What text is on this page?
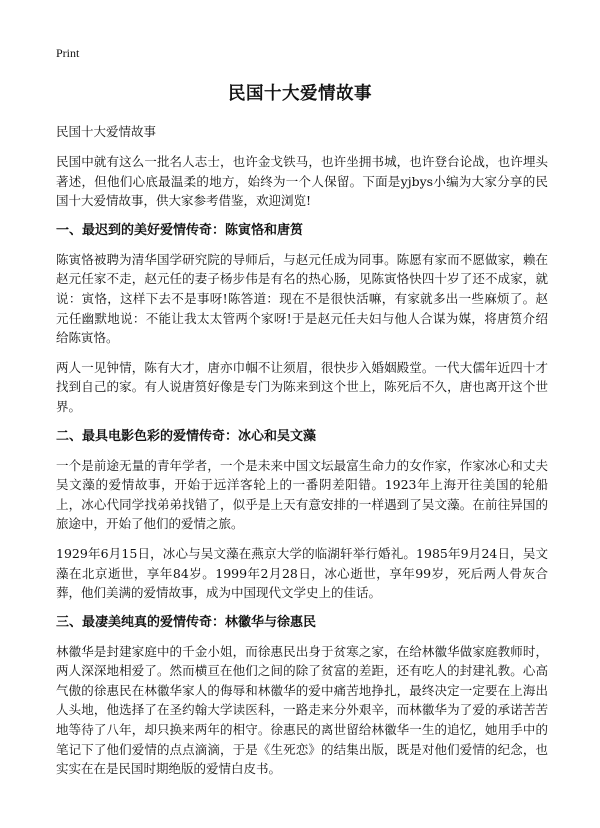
Print
民国十大爱情故事

民国十大爱情故事

民国中就有这么一批名人志士，也许金戈铁马，也许坐拥书城，也许登台论战，也许埋头著述，但他们心底最温柔的地方，始终为一个人保留。下面是yjbys小编为大家分享的民国十大爱情故事，供大家参考借鉴，欢迎浏览!

一、最迟到的美好爱情传奇：陈寅恪和唐筼

陈寅恪被聘为清华国学研究院的导师后，与赵元任成为同事。陈愿有家而不愿做家，赖在赵元任家不走，赵元任的妻子杨步伟是有名的热心肠，见陈寅恪快四十岁了还不成家，就说：寅恪，这样下去不是事呀!陈答道：现在不是很快活嘛，有家就多出一些麻烦了。赵元任幽默地说：不能让我太太管两个家呀!于是赵元任夫妇与他人合谋为媒，将唐筼介绍给陈寅恪。

两人一见钟情，陈有大才，唐亦巾帼不让须眉，很快步入婚姻殿堂。一代大儒年近四十才找到自己的家。有人说唐筼好像是专门为陈来到这个世上，陈死后不久，唐也离开这个世界。

二、最具电影色彩的爱情传奇：冰心和吴文藻

一个是前途无量的青年学者，一个是未来中国文坛最富生命力的女作家，作家冰心和丈夫吴文藻的爱情故事，开始于远洋客轮上的一番阴差阳错。1923年上海开往美国的轮船上，冰心代同学找弟弟找错了，似乎是上天有意安排的一样遇到了吴文藻。在前往异国的旅途中，开始了他们的爱情之旅。

1929年6月15日，冰心与吴文藻在燕京大学的临湖轩举行婚礼。1985年9月24日，吴文藻在北京逝世，享年84岁。1999年2月28日，冰心逝世，享年99岁，死后两人骨灰合葬，他们美满的爱情故事，成为中国现代文学史上的佳话。

三、最凄美纯真的爱情传奇：林徽华与徐惠民

林徽华是封建家庭中的千金小姐，而徐惠民出身于贫寒之家，在给林徽华做家庭教师时，两人深深地相爱了。然而横亘在他们之间的除了贫富的差距，还有吃人的封建礼教。心高气傲的徐惠民在林徽华家人的侮辱和林徽华的爱中痛苦地挣扎，最终决定一定要在上海出人头地，他选择了在圣约翰大学读医科，一路走来分外艰辛，而林徽华为了爱的承诺苦苦地等待了八年，却只换来两年的相守。徐惠民的离世留给林徽华一生的追忆，她用手中的笔记下了他们爱情的点点滴滴，于是《生死恋》的结集出版，既是对他们爱情的纪念，也实实在在是民国时期绝版的爱情白皮书。
